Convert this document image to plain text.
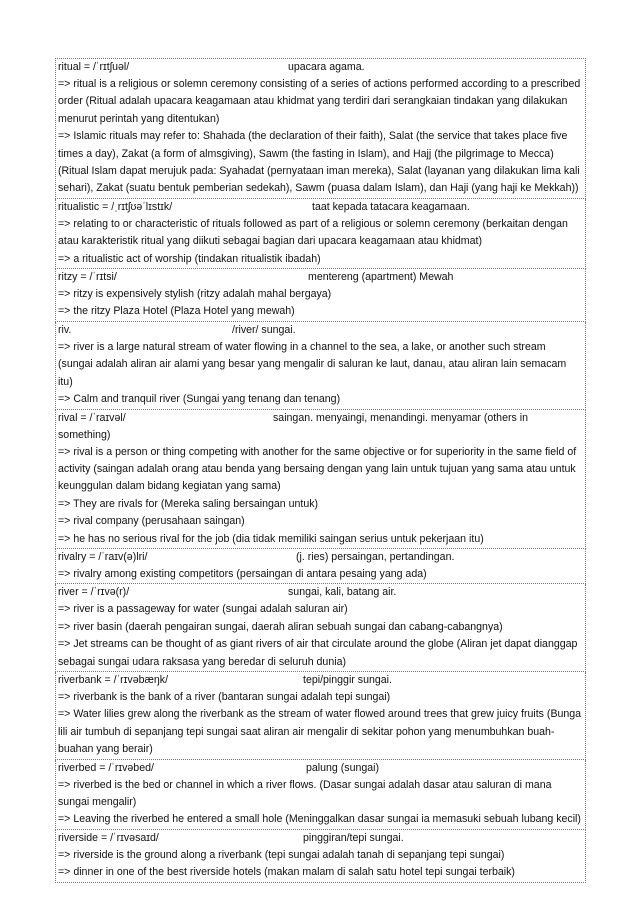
ritual = /ˈrɪtʃuəl/	upacara agama.
=> ritual is a religious or solemn ceremony consisting of a series of actions performed according to a prescribed order (Ritual adalah upacara keagamaan atau khidmat yang terdiri dari serangkaian tindakan yang dilakukan menurut perintah yang ditentukan)
=> Islamic rituals may refer to: Shahada (the declaration of their faith), Salat (the service that takes place five times a day), Zakat (a form of almsgiving), Sawm (the fasting in Islam), and Hajj (the pilgrimage to Mecca) (Ritual Islam dapat merujuk pada: Syahadat (pernyataan iman mereka), Salat (layanan yang dilakukan lima kali sehari), Zakat (suatu bentuk pemberian sedekah), Sawm (puasa dalam Islam), dan Haji (yang haji ke Mekkah))
ritualistic = /ˌrɪtʃʊəˈlɪstɪk/	taat kepada tatacara keagamaan.
=> relating to or characteristic of rituals followed as part of a religious or solemn ceremony (berkaitan dengan atau karakteristik ritual yang diikuti sebagai bagian dari upacara keagamaan atau khidmat)
=> a ritualistic act of worship (tindakan ritualistik ibadah)
ritzy = /ˈrɪtsi/	mentereng (apartment) Mewah
=> ritzy is expensively stylish (ritzy adalah mahal bergaya)
=> the ritzy Plaza Hotel (Plaza Hotel yang mewah)
riv.	/river/ sungai.
=> river is a large natural stream of water flowing in a channel to the sea, a lake, or another such stream (sungai adalah aliran air alami yang besar yang mengalir di saluran ke laut, danau, atau aliran lain semacam itu)
=> Calm and tranquil river (Sungai yang tenang dan tenang)
rival = /ˈraɪvəl/	saingan. menyaingi, menandingi. menyamar (others in something)
=> rival is a person or thing competing with another for the same objective or for superiority in the same field of activity (saingan adalah orang atau benda yang bersaing dengan yang lain untuk tujuan yang sama atau untuk keunggulan dalam bidang kegiatan yang sama)
=> They are rivals for (Mereka saling bersaingan untuk)
=> rival company (perusahaan saingan)
=> he has no serious rival for the job (dia tidak memiliki saingan serius untuk pekerjaan itu)
rivalry = /ˈraɪv(ə)lri/	(j. ries) persaingan, pertandingan.
=> rivalry among existing competitors (persaingan di antara pesaing yang ada)
river = /ˈrɪvə(r)/	sungai, kali, batang air.
=> river is a passageway for water (sungai adalah saluran air)
=> river basin (daerah pengairan sungai, daerah aliran sebuah sungai dan cabang-cabangnya)
=> Jet streams can be thought of as giant rivers of air that circulate around the globe (Aliran jet dapat dianggap sebagai sungai udara raksasa yang beredar di seluruh dunia)
riverbank = /ˈrɪvəbæŋk/	tepi/pinggir sungai.
=> riverbank is the bank of a river (bantaran sungai adalah tepi sungai)
=> Water lilies grew along the riverbank as the stream of water flowed around trees that grew juicy fruits (Bunga lili air tumbuh di sepanjang tepi sungai saat aliran air mengalir di sekitar pohon yang menumbuhkan buah-buahan yang berair)
riverbed = /ˈrɪvəbed/	palung (sungai)
=> riverbed is the bed or channel in which a river flows. (Dasar sungai adalah dasar atau saluran di mana sungai mengalir)
=> Leaving the riverbed he entered a small hole (Meninggalkan dasar sungai ia memasuki sebuah lubang kecil)
riverside = /ˈrɪvəsaɪd/	pinggiran/tepi sungai.
=> riverside is the ground along a riverbank (tepi sungai adalah tanah di sepanjang tepi sungai)
=> dinner in one of the best riverside hotels (makan malam di salah satu hotel tepi sungai terbaik)
